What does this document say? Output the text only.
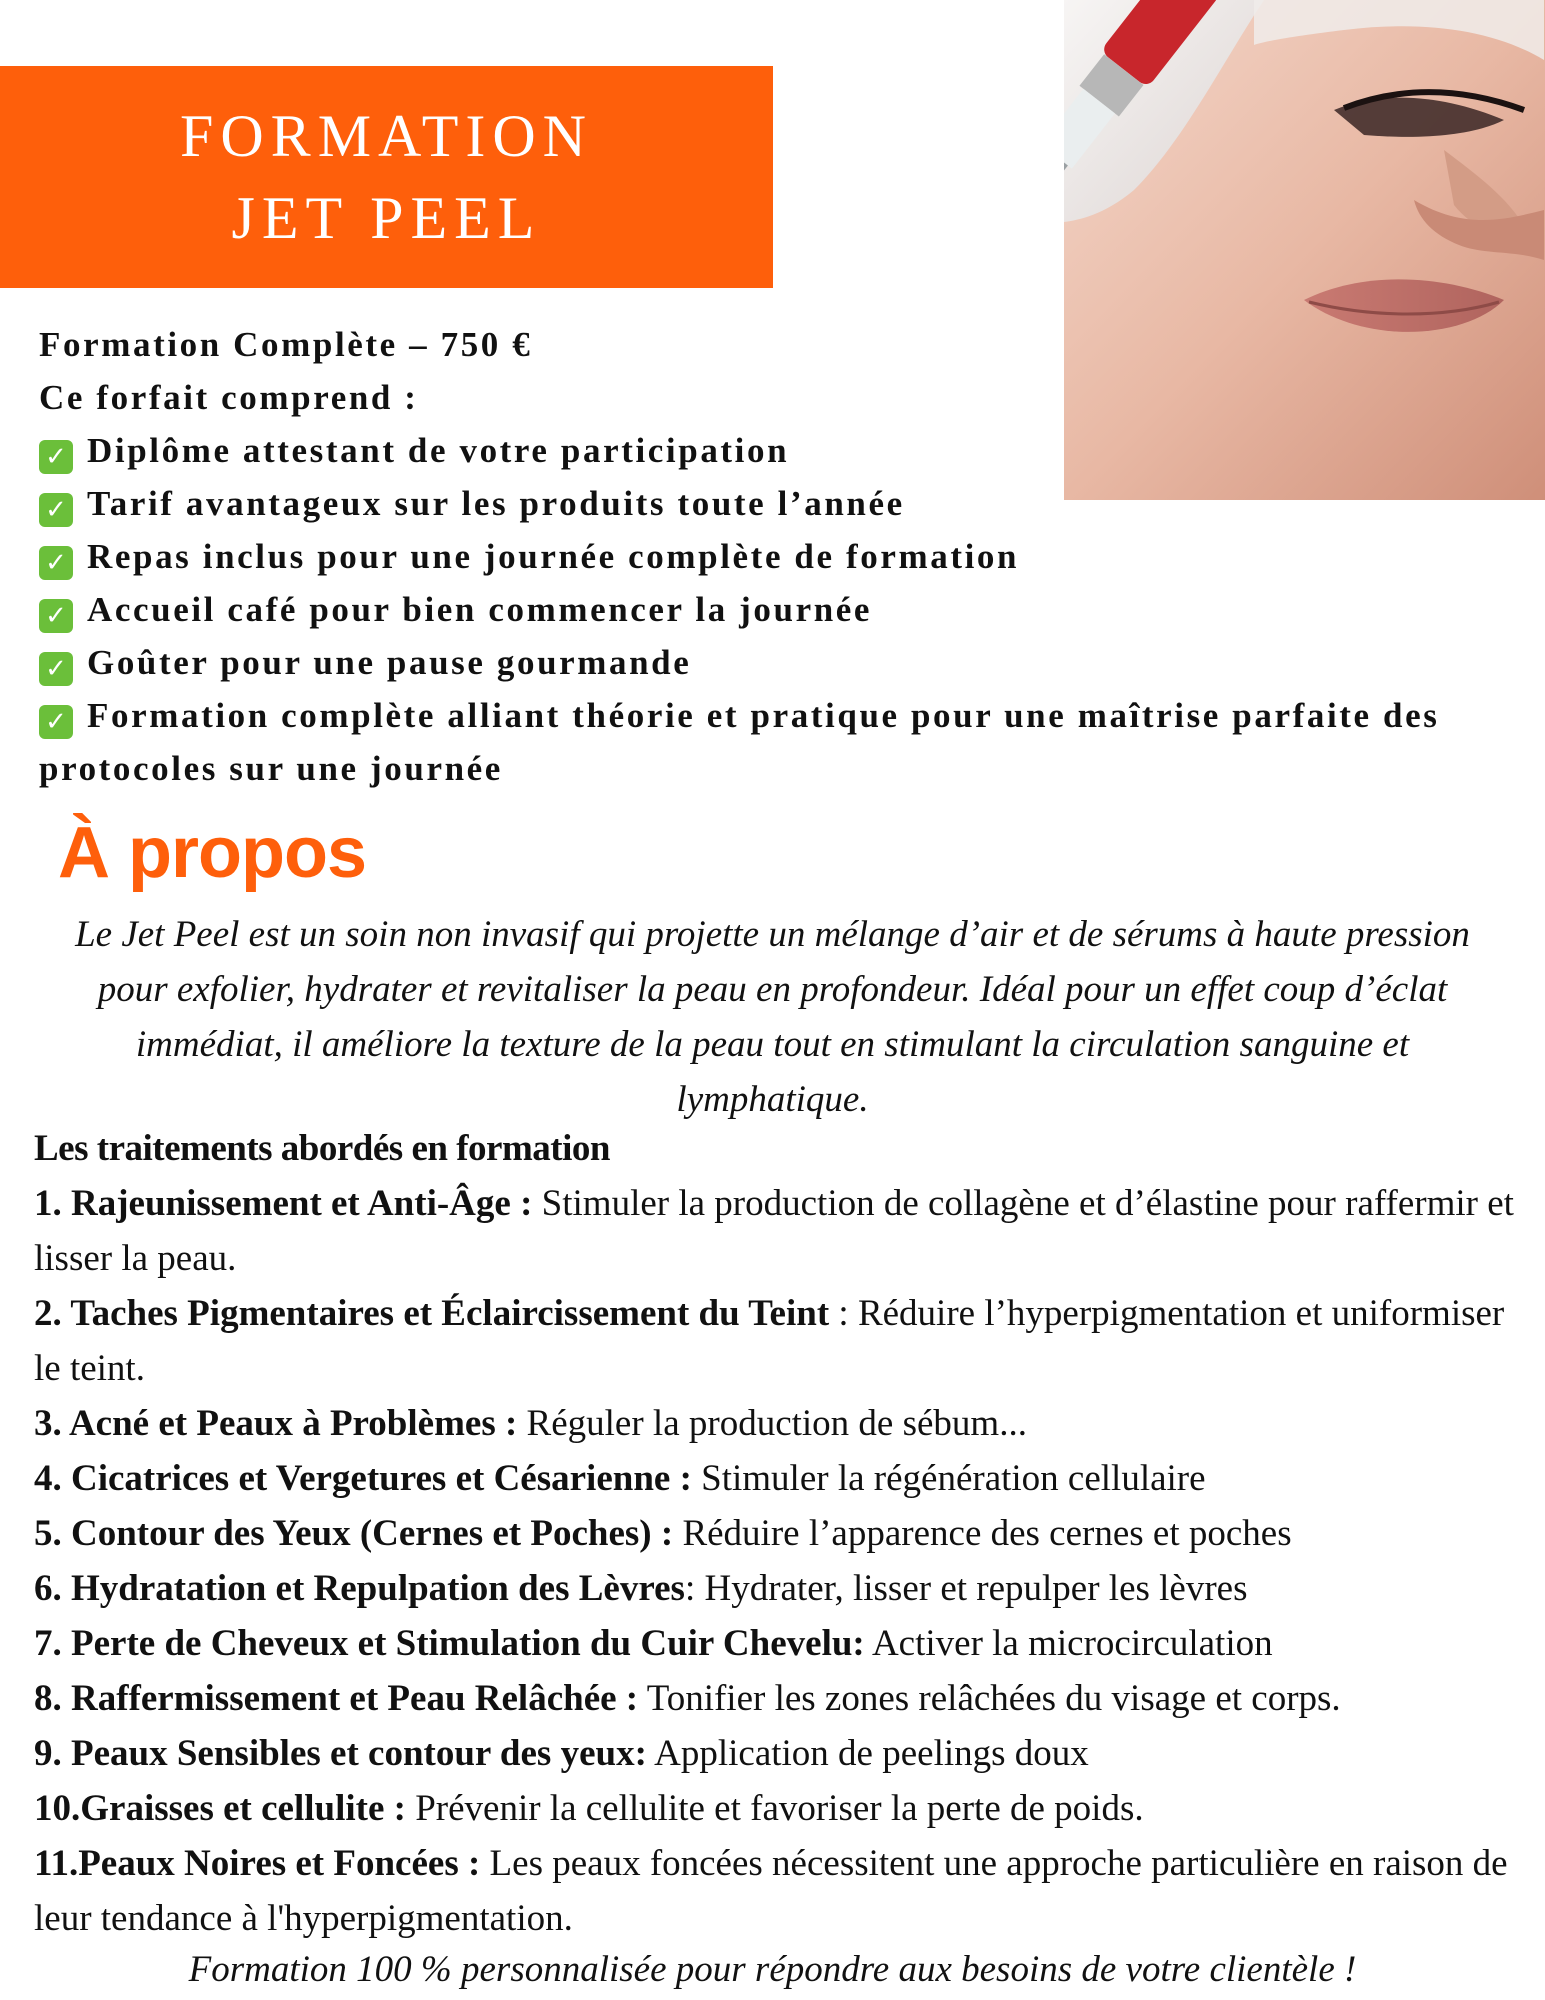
FORMATION
JET PEEL
Formation Complète – 750 €
Ce forfait comprend :
✓ Diplôme attestant de votre participation
✓ Tarif avantageux sur les produits toute l’année
✓ Repas inclus pour une journée complète de formation
✓ Accueil café pour bien commencer la journée
✓ Goûter pour une pause gourmande
✓ Formation complète alliant théorie et pratique pour une maîtrise parfaite des protocoles sur une journée
À propos
Le Jet Peel est un soin non invasif qui projette un mélange d’air et de sérums à haute pression pour exfolier, hydrater et revitaliser la peau en profondeur. Idéal pour un effet coup d’éclat immédiat, il améliore la texture de la peau tout en stimulant la circulation sanguine et lymphatique.
Les traitements abordés en formation
1. Rajeunissement et Anti-Âge : Stimuler la production de collagène et d’élastine pour raffermir et lisser la peau.
2. Taches Pigmentaires et Éclaircissement du Teint : Réduire l’hyperpigmentation et uniformiser le teint.
3. Acné et Peaux à Problèmes : Réguler la production de sébum...
4. Cicatrices et Vergetures et Césarienne : Stimuler la régénération cellulaire
5. Contour des Yeux (Cernes et Poches) : Réduire l’apparence des cernes et poches
6. Hydratation et Repulpation des Lèvres: Hydrater, lisser et repulper les lèvres
7. Perte de Cheveux et Stimulation du Cuir Chevelu: Activer la microcirculation
8. Raffermissement et Peau Relâchée : Tonifier les zones relâchées du visage et corps.
9. Peaux Sensibles et contour des yeux: Application de peelings doux
10.Graisses et cellulite : Prévenir la cellulite et favoriser la perte de poids.
11.Peaux Noires et Foncées : Les peaux foncées nécessitent une approche particulière en raison de leur tendance à l'hyperpigmentation.
Formation 100 % personnalisée pour répondre aux besoins de votre clientèle !
